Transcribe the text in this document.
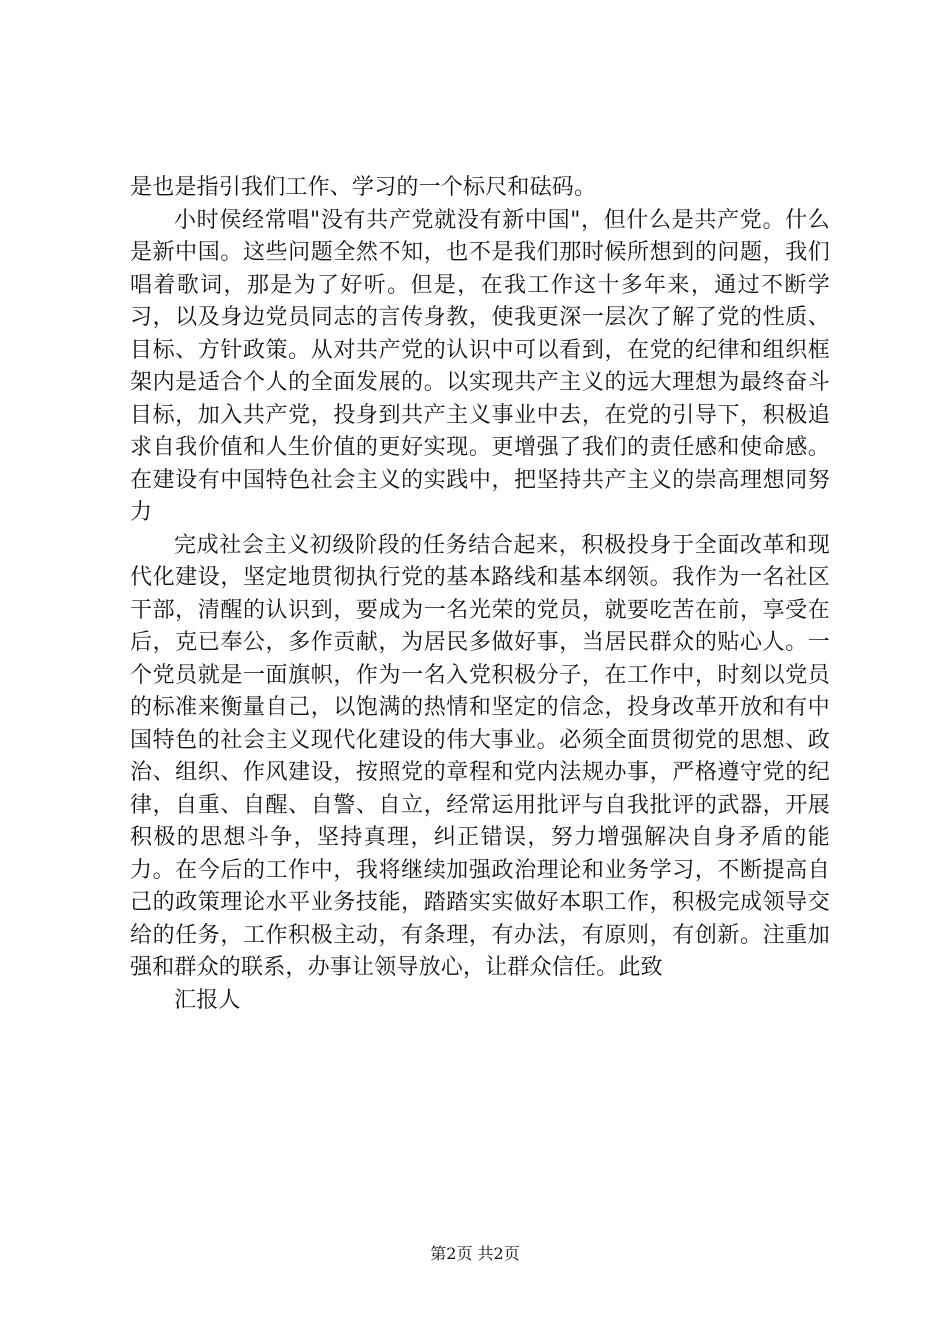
是也是指引我们工作、学习的一个标尺和砝码。

小时侯经常唱"没有共产党就没有新中国"，但什么是共产党。什么是新中国。这些问题全然不知，也不是我们那时候所想到的问题，我们唱着歌词，那是为了好听。但是，在我工作这十多年来，通过不断学习，以及身边党员同志的言传身教，使我更深一层次了解了党的性质、目标、方针政策。从对共产党的认识中可以看到，在党的纪律和组织框架内是适合个人的全面发展的。以实现共产主义的远大理想为最终奋斗目标，加入共产党，投身到共产主义事业中去，在党的引导下，积极追求自我价值和人生价值的更好实现。更增强了我们的责任感和使命感。在建设有中国特色社会主义的实践中，把坚持共产主义的崇高理想同努力

完成社会主义初级阶段的任务结合起来，积极投身于全面改革和现代化建设，坚定地贯彻执行党的基本路线和基本纲领。我作为一名社区干部，清醒的认识到，要成为一名光荣的党员，就要吃苦在前，享受在后，克已奉公，多作贡献，为居民多做好事，当居民群众的贴心人。一个党员就是一面旗帜，作为一名入党积极分子，在工作中，时刻以党员的标准来衡量自己，以饱满的热情和坚定的信念，投身改革开放和有中国特色的社会主义现代化建设的伟大事业。必须全面贯彻党的思想、政治、组织、作风建设，按照党的章程和党内法规办事，严格遵守党的纪律，自重、自醒、自警、自立，经常运用批评与自我批评的武器，开展积极的思想斗争，坚持真理，纠正错误，努力增强解决自身矛盾的能力。在今后的工作中，我将继续加强政治理论和业务学习，不断提高自己的政策理论水平业务技能，踏踏实实做好本职工作，积极完成领导交给的任务，工作积极主动，有条理，有办法，有原则，有创新。注重加强和群众的联系，办事让领导放心，让群众信任。此致

汇报人

第2页 共2页
